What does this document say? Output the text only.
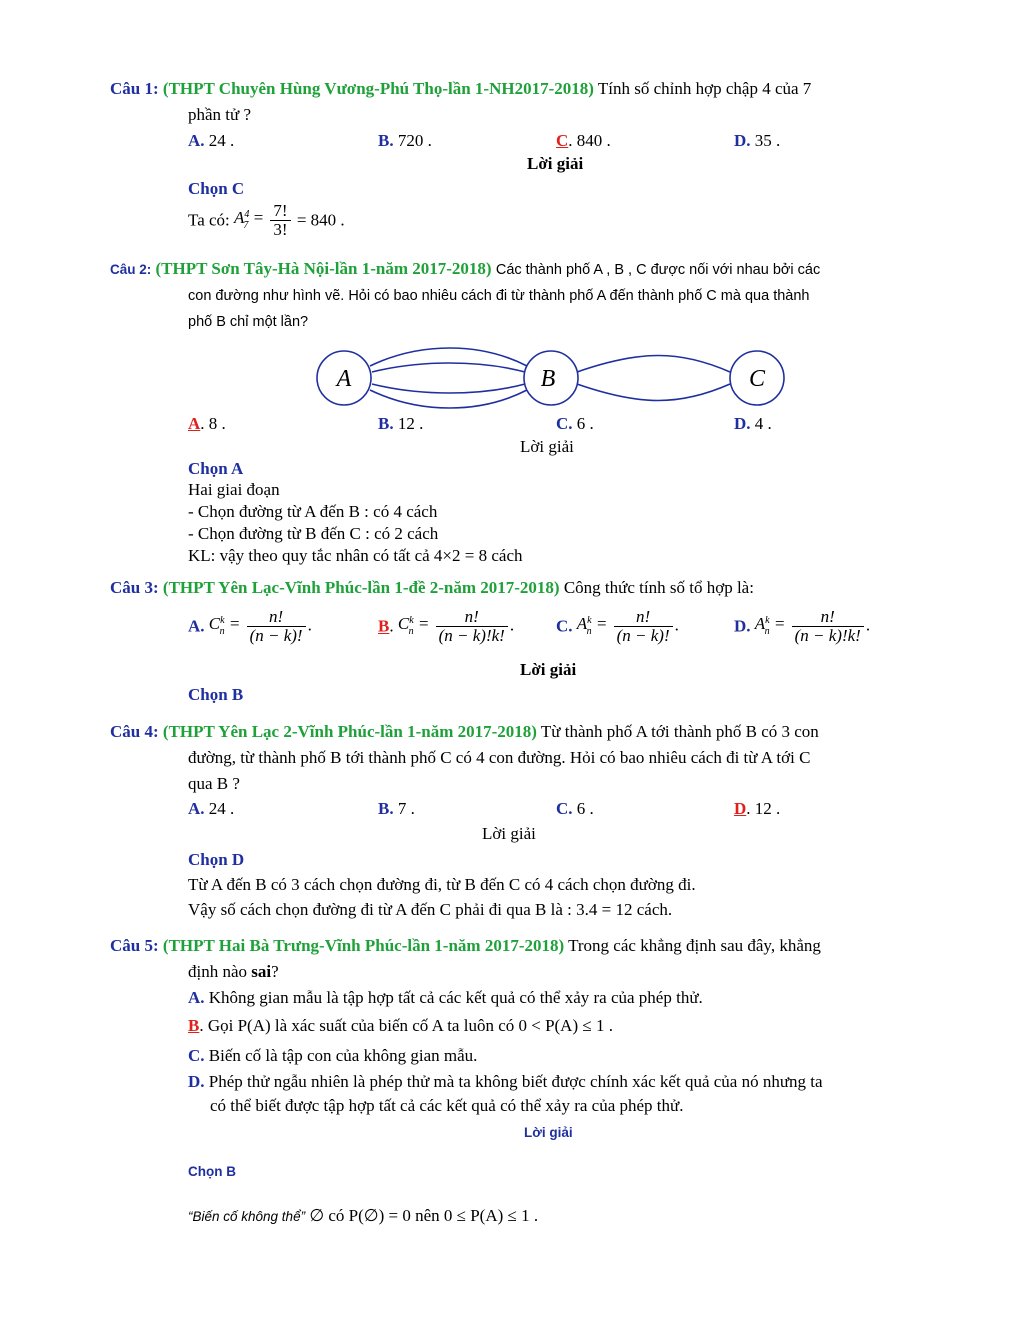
Câu 1: (THPT Chuyên Hùng Vương-Phú Thọ-lần 1-NH2017-2018) Tính số chỉnh hợp chập 4 của 7
phần tử ?
A. 24 .	B. 720 .	C. 840 .	D. 35 .
Lời giải
Chọn C
Ta có: $A^4_7 = \frac{7!}{3!} = 840$ .
Câu 2: (THPT Sơn Tây-Hà Nội-lần 1-năm 2017-2018) Các thành phố A , B , C được nối với nhau bởi các
con đường như hình vẽ. Hỏi có bao nhiêu cách đi từ thành phố A đến thành phố C mà qua thành
phố B chỉ một lần?
A	B	C
A. 8 .	B. 12 .	C. 6 .	D. 4 .
Lời giải
Chọn A
Hai giai đoạn
- Chọn đường từ A đến B : có 4 cách
- Chọn đường từ B đến C : có 2 cách
KL: vậy theo quy tắc nhân có tất cả 4×2 = 8 cách
Câu 3: (THPT Yên Lạc-Vĩnh Phúc-lần 1-đề 2-năm 2017-2018) Công thức tính số tổ hợp là:
A. $C^k_n = \frac{n!}{(n - k)!}$ .	B. $C^k_n = \frac{n!}{(n - k)!k!}$ . C. $A^k_n = \frac{n!}{(n - k)!}$ .	D. $A^k_n = \frac{n!}{(n - k)!k!}$ .
Lời giải
Chọn B
Câu 4: (THPT Yên Lạc 2-Vĩnh Phúc-lần 1-năm 2017-2018) Từ thành phố A tới thành phố B có 3 con
đường, từ thành phố B tới thành phố C có 4 con đường. Hỏi có bao nhiêu cách đi từ A tới C
qua B ?
A. 24 .	B. 7 .	C. 6 .	D. 12 .
Lời giải
Chọn D
Từ A đến B có 3 cách chọn đường đi, từ B đến C có 4 cách chọn đường đi.
Vậy số cách chọn đường đi từ A đến C phải đi qua B là : 3.4 = 12 cách.
Câu 5: (THPT Hai Bà Trưng-Vĩnh Phúc-lần 1-năm 2017-2018) Trong các khẳng định sau đây, khẳng
định nào sai?
A. Không gian mẫu là tập hợp tất cả các kết quả có thể xảy ra của phép thử.
B. Gọi P(A) là xác suất của biến cố A ta luôn có 0 < P(A) ≤ 1 .
C. Biến cố là tập con của không gian mẫu.
D. Phép thử ngẫu nhiên là phép thử mà ta không biết được chính xác kết quả của nó nhưng ta
có thể biết được tập hợp tất cả các kết quả có thể xảy ra của phép thử.
Lời giải
Chọn B
“Biến cố không thể” ∅ có P(∅) = 0 nên 0 ≤ P(A) ≤ 1 .
